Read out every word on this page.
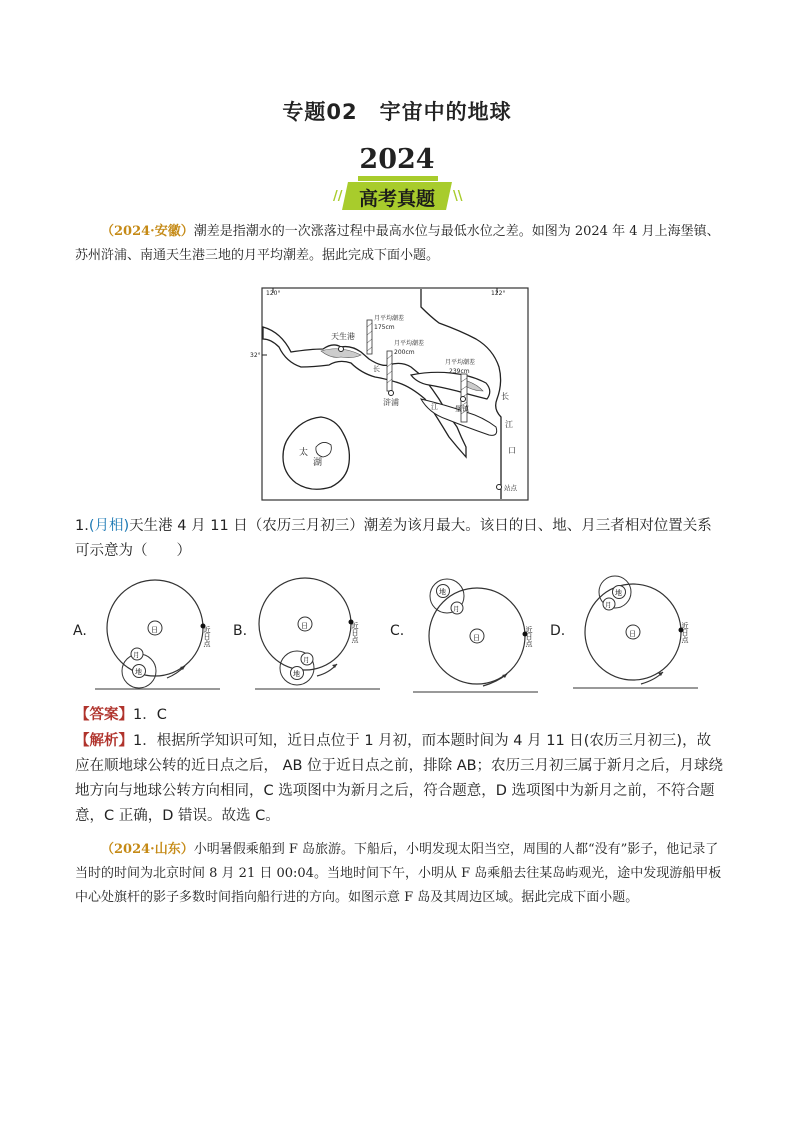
专题02　宇宙中的地球
2024
//	\\
高考真题
（2024·安徽）潮差是指潮水的一次涨落过程中最高水位与最低水位之差。如图为 2024 年 4 月上海堡镇、苏州浒浦、南通天生港三地的月平均潮差。据此完成下面小题。
120°	122°
32°
天生港
浒浦
堡镇
月平均潮差
175cm
月平均潮差
200cm
月平均潮差
239cm
太
湖
长
江
口
长
江
站点
1.(月相)天生港 4 月 11 日（农历三月初三）潮差为该月最大。该日的日、地、月三者相对位置关系可示意为（　　）
A.	B.	C.	D.
日	近日点
地
月
日	近日点
地
月
日	近日点
地
月
日	近日点
地
月
【答案】1．C
【解析】1．根据所学知识可知，近日点位于 1 月初，而本题时间为 4 月 11 日(农历三月初三)，故应在顺地球公转的近日点之后， AB 位于近日点之前，排除 AB；农历三月初三属于新月之后，月球绕地方向与地球公转方向相同，C 选项图中为新月之后，符合题意，D 选项图中为新月之前，不符合题意，C 正确，D 错误。故选 C。
（2024·山东）小明暑假乘船到 F 岛旅游。下船后，小明发现太阳当空，周围的人都“没有”影子，他记录了当时的时间为北京时间 8 月 21 日 00:04。当地时间下午，小明从 F 岛乘船去往某岛屿观光，途中发现游船甲板中心处旗杆的影子多数时间指向船行进的方向。如图示意 F 岛及其周边区域。据此完成下面小题。
